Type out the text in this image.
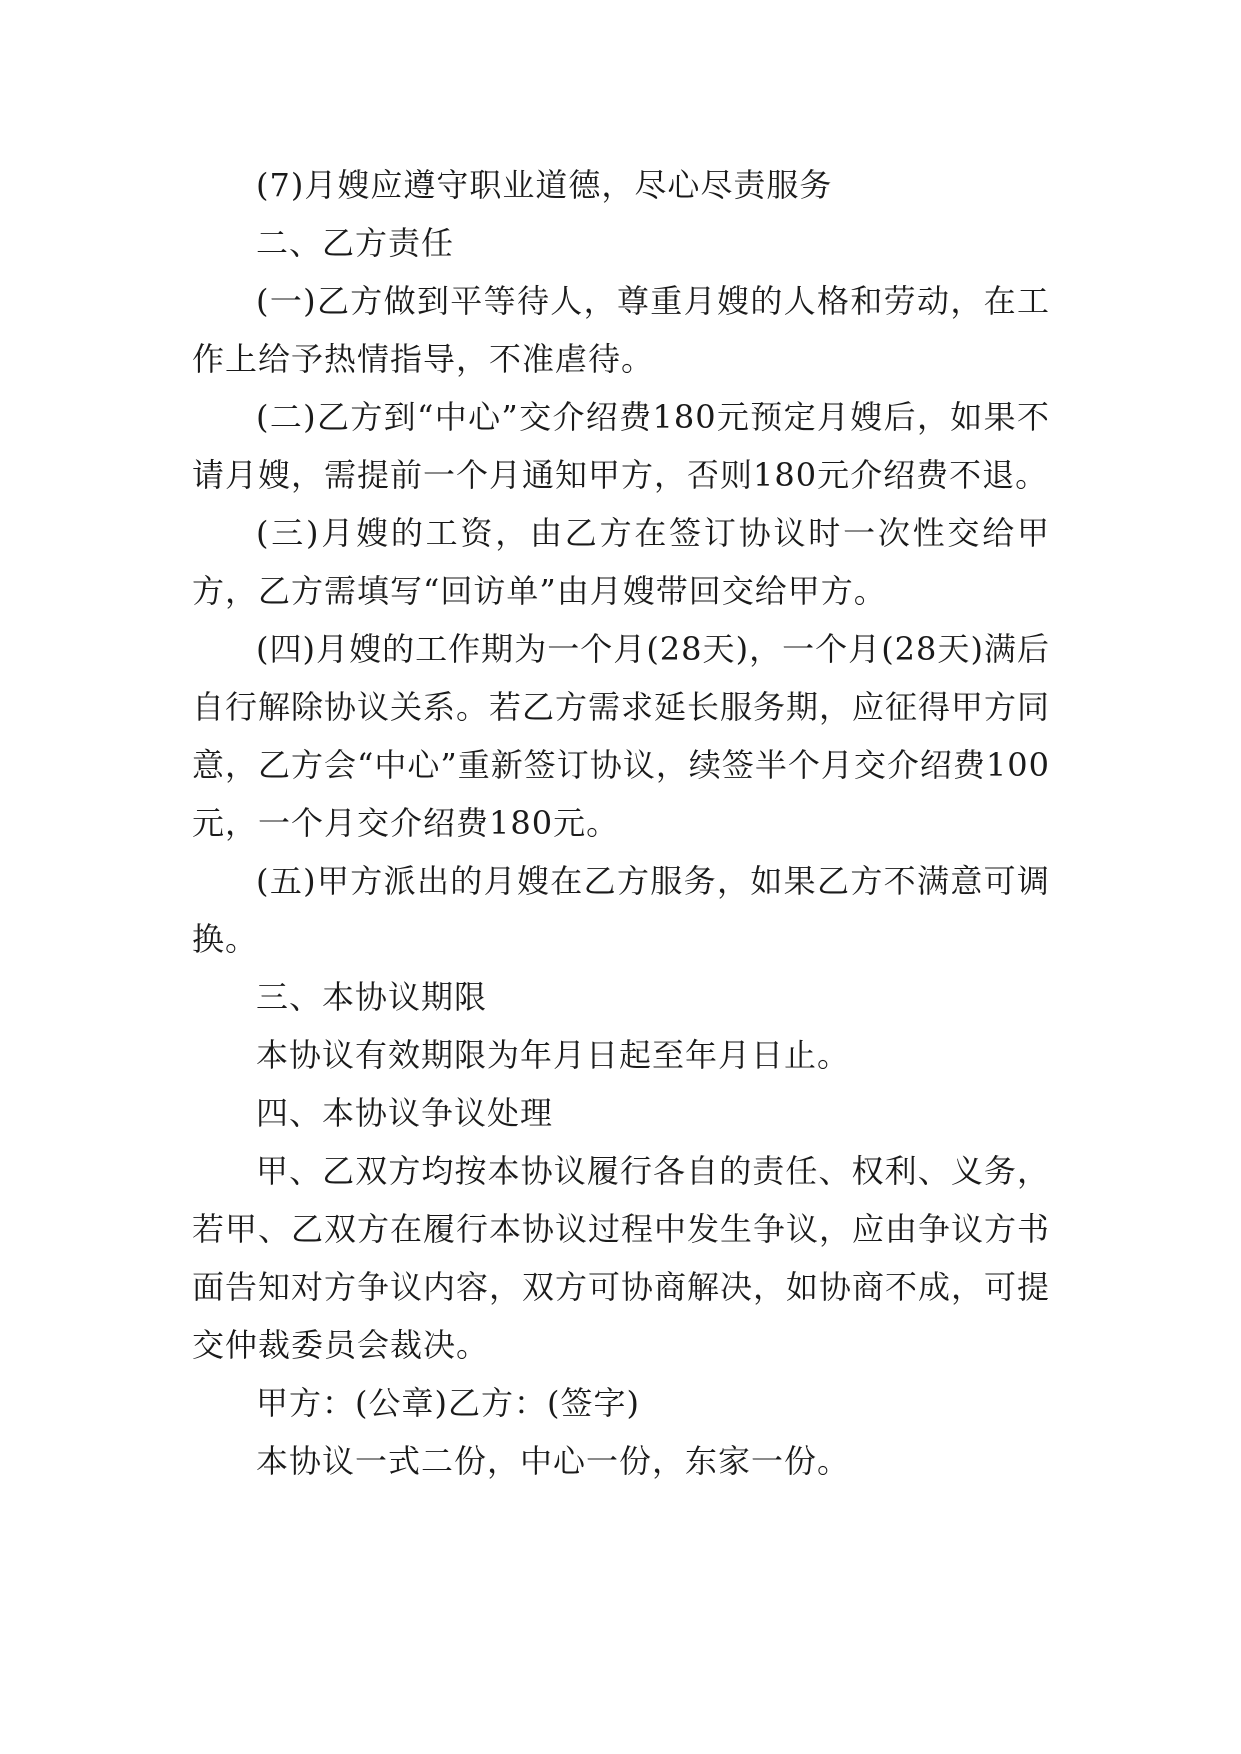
(7)月嫂应遵守职业道德，尽心尽责服务

二、乙方责任

(一)乙方做到平等待人，尊重月嫂的人格和劳动，在工作上给予热情指导，不准虐待。

(二)乙方到“中心”交介绍费180元预定月嫂后，如果不请月嫂，需提前一个月通知甲方，否则180元介绍费不退。

(三)月嫂的工资，由乙方在签订协议时一次性交给甲方，乙方需填写“回访单”由月嫂带回交给甲方。

(四)月嫂的工作期为一个月(28天)，一个月(28天)满后自行解除协议关系。若乙方需求延长服务期，应征得甲方同意，乙方会“中心”重新签订协议，续签半个月交介绍费100元，一个月交介绍费180元。

(五)甲方派出的月嫂在乙方服务，如果乙方不满意可调换。

三、本协议期限

本协议有效期限为年月日起至年月日止。

四、本协议争议处理

甲、乙双方均按本协议履行各自的责任、权利、义务，若甲、乙双方在履行本协议过程中发生争议，应由争议方书面告知对方争议内容，双方可协商解决，如协商不成，可提交仲裁委员会裁决。

甲方：(公章)乙方：(签字)

本协议一式二份，中心一份，东家一份。
